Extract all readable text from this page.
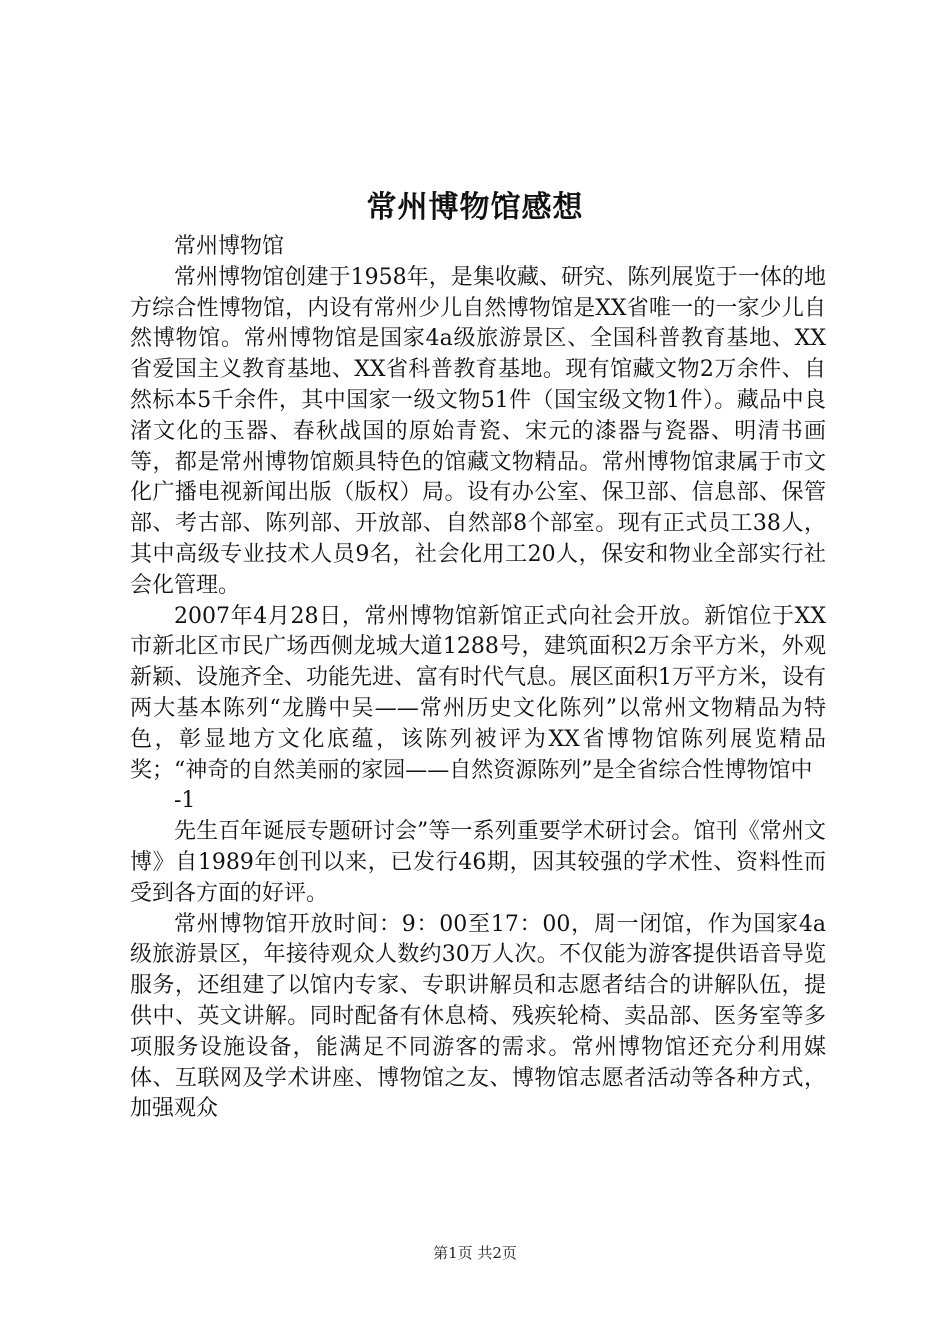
常州博物馆感想

常州博物馆

常州博物馆创建于1958年，是集收藏、研究、陈列展览于一体的地方综合性博物馆，内设有常州少儿自然博物馆是XX省唯一的一家少儿自然博物馆。常州博物馆是国家4a级旅游景区、全国科普教育基地、XX省爱国主义教育基地、XX省科普教育基地。现有馆藏文物2万余件、自然标本5千余件，其中国家一级文物51件（国宝级文物1件）。藏品中良渚文化的玉器、春秋战国的原始青瓷、宋元的漆器与瓷器、明清书画等，都是常州博物馆颇具特色的馆藏文物精品。常州博物馆隶属于市文化广播电视新闻出版（版权）局。设有办公室、保卫部、信息部、保管部、考古部、陈列部、开放部、自然部8个部室。现有正式员工38人，其中高级专业技术人员9名，社会化用工20人，保安和物业全部实行社会化管理。

2007年4月28日，常州博物馆新馆正式向社会开放。新馆位于XX市新北区市民广场西侧龙城大道1288号，建筑面积2万余平方米，外观新颖、设施齐全、功能先进、富有时代气息。展区面积1万平方米，设有两大基本陈列“龙腾中吴——常州历史文化陈列”以常州文物精品为特色，彰显地方文化底蕴，该陈列被评为XX省博物馆陈列展览精品奖；“神奇的自然美丽的家园——自然资源陈列”是全省综合性博物馆中

-1

先生百年诞辰专题研讨会”等一系列重要学术研讨会。馆刊《常州文博》自1989年创刊以来，已发行46期，因其较强的学术性、资料性而受到各方面的好评。

常州博物馆开放时间：9：00至17：00，周一闭馆，作为国家4a级旅游景区，年接待观众人数约30万人次。不仅能为游客提供语音导览服务，还组建了以馆内专家、专职讲解员和志愿者结合的讲解队伍，提供中、英文讲解。同时配备有休息椅、残疾轮椅、卖品部、医务室等多项服务设施设备，能满足不同游客的需求。常州博物馆还充分利用媒体、互联网及学术讲座、博物馆之友、博物馆志愿者活动等各种方式，加强观众

第1页 共2页
